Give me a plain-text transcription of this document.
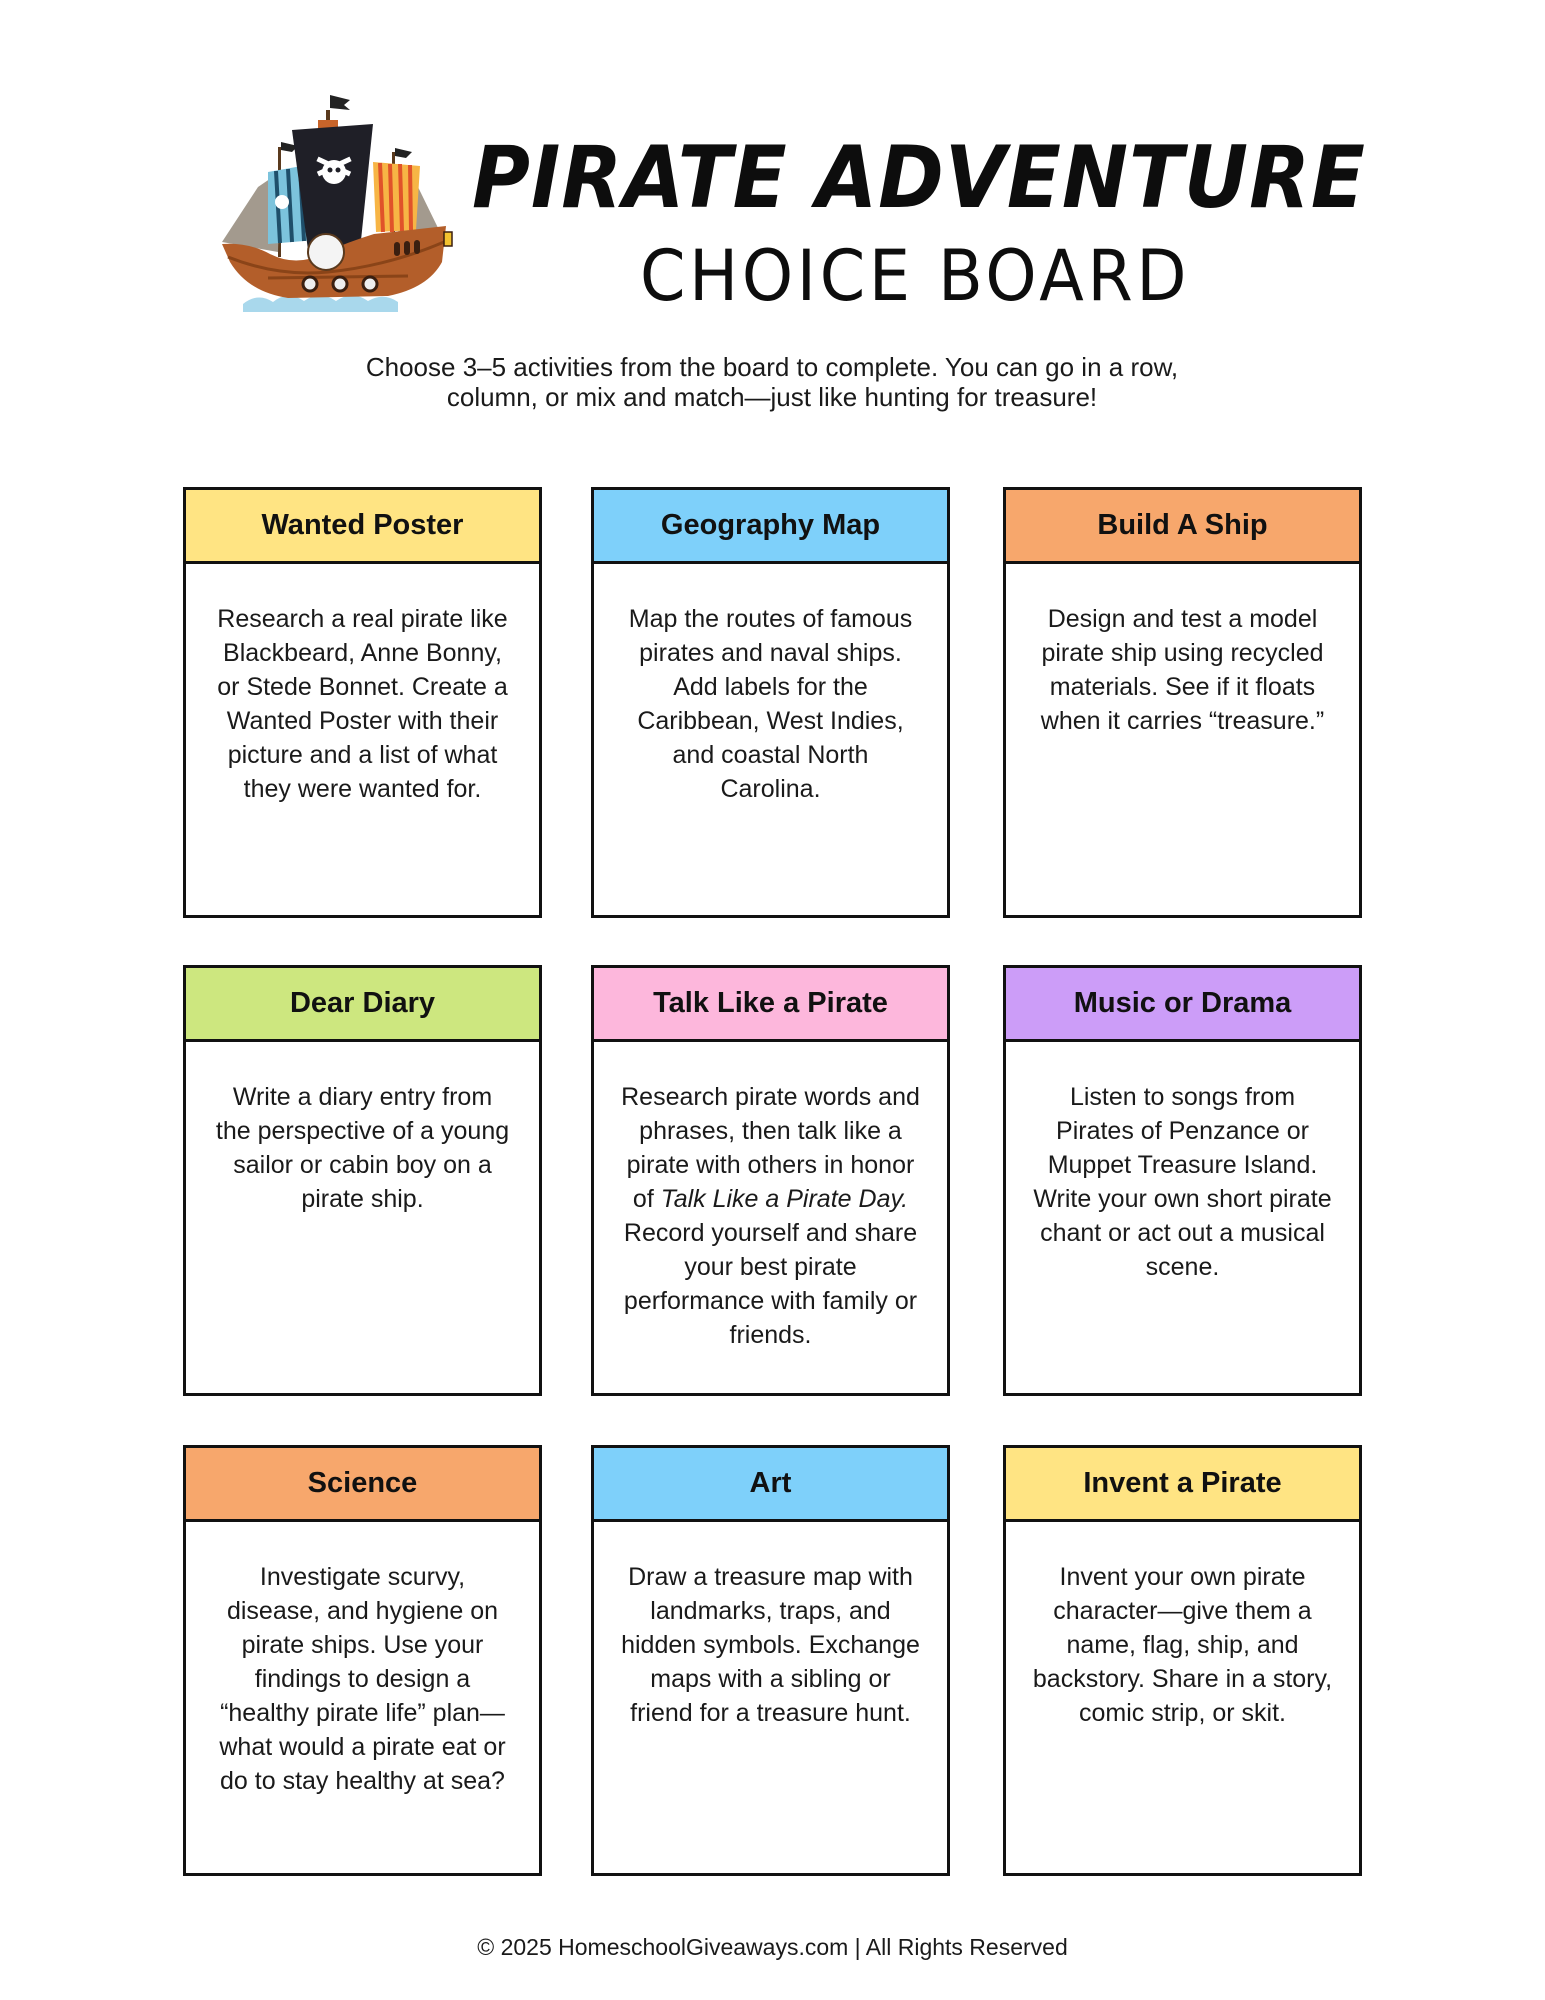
PIRATE ADVENTURE
CHOICE BOARD
Choose 3–5 activities from the board to complete. You can go in a row,
column, or mix and match—just like hunting for treasure!
Wanted Poster
Research a real pirate like Blackbeard, Anne Bonny, or Stede Bonnet. Create a Wanted Poster with their picture and a list of what they were wanted for.
Geography Map
Map the routes of famous pirates and naval ships. Add labels for the Caribbean, West Indies, and coastal North Carolina.
Build A Ship
Design and test a model pirate ship using recycled materials. See if it floats when it carries “treasure.”
Dear Diary
Write a diary entry from the perspective of a young sailor or cabin boy on a pirate ship.
Talk Like a Pirate
Research pirate words and phrases, then talk like a pirate with others in honor of Talk Like a Pirate Day. Record yourself and share your best pirate performance with family or friends.
Music or Drama
Listen to songs from Pirates of Penzance or Muppet Treasure Island. Write your own short pirate chant or act out a musical scene.
Science
Investigate scurvy, disease, and hygiene on pirate ships. Use your findings to design a “healthy pirate life” plan—what would a pirate eat or do to stay healthy at sea?
Art
Draw a treasure map with landmarks, traps, and hidden symbols. Exchange maps with a sibling or friend for a treasure hunt.
Invent a Pirate
Invent your own pirate character—give them a name, flag, ship, and backstory. Share in a story, comic strip, or skit.
© 2025 HomeschoolGiveaways.com | All Rights Reserved
